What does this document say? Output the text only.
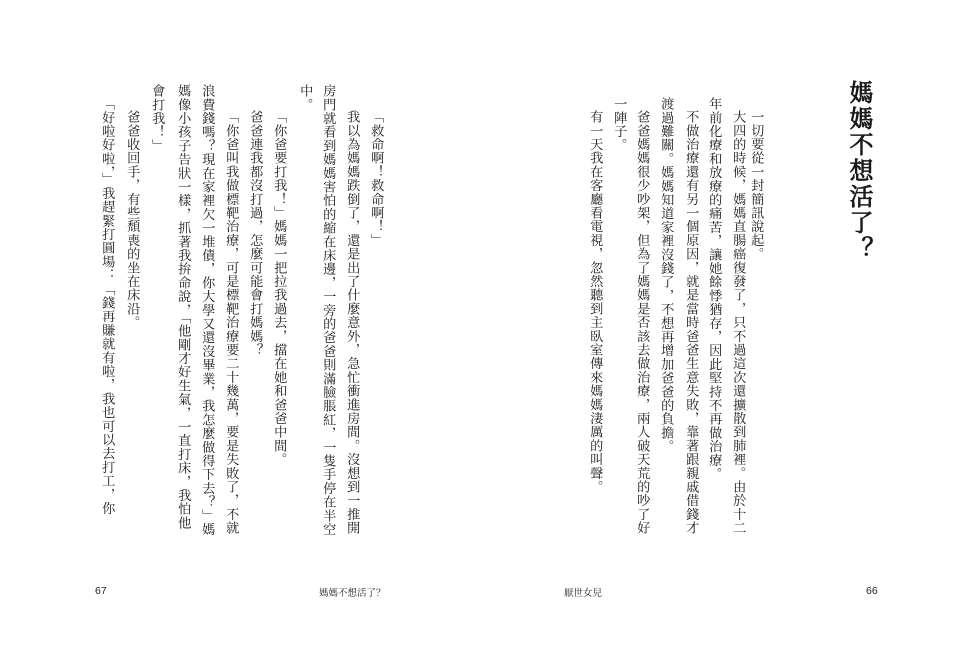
媽媽不想活了？
一切要從一封簡訊說起。
大四的時候，媽媽直腸癌復發了，只不過這次還擴散到肺裡。由於十二
年前化療和放療的痛苦，讓她餘悸猶存，因此堅持不再做治療。
不做治療還有另一個原因，就是當時爸爸生意失敗，靠著跟親戚借錢才
渡過難關。媽媽知道家裡沒錢了，不想再增加爸爸的負擔。
爸爸媽媽很少吵架，但為了媽媽是否該去做治療，兩人破天荒的吵了好
一陣子。
有一天我在客廳看電視，忽然聽到主臥室傳來媽媽淒厲的叫聲。
厭世女兒	66
「救命啊！救命啊！」
我以為媽媽跌倒了，還是出了什麼意外，急忙衝進房間。沒想到一推開
房門就看到媽媽害怕的縮在床邊，一旁的爸爸則滿臉脹紅，一隻手停在半空
中。
「你爸要打我！」媽媽一把拉我過去，擋在她和爸爸中間。
爸爸連我都沒打過，怎麼可能會打媽媽？
「你爸叫我做標靶治療，可是標靶治療要二十幾萬，要是失敗了，不就
浪費錢嗎？現在家裡欠一堆債，你大學又還沒畢業，我怎麼做得下去？」媽
媽像小孩子告狀一樣，抓著我拚命說，「他剛才好生氣，一直打床，我怕他
會打我！」
爸爸收回手，有些頹喪的坐在床沿。
「好啦好啦，」我趕緊打圓場：「錢再賺就有啦，我也可以去打工，你
67	媽媽不想活了？
